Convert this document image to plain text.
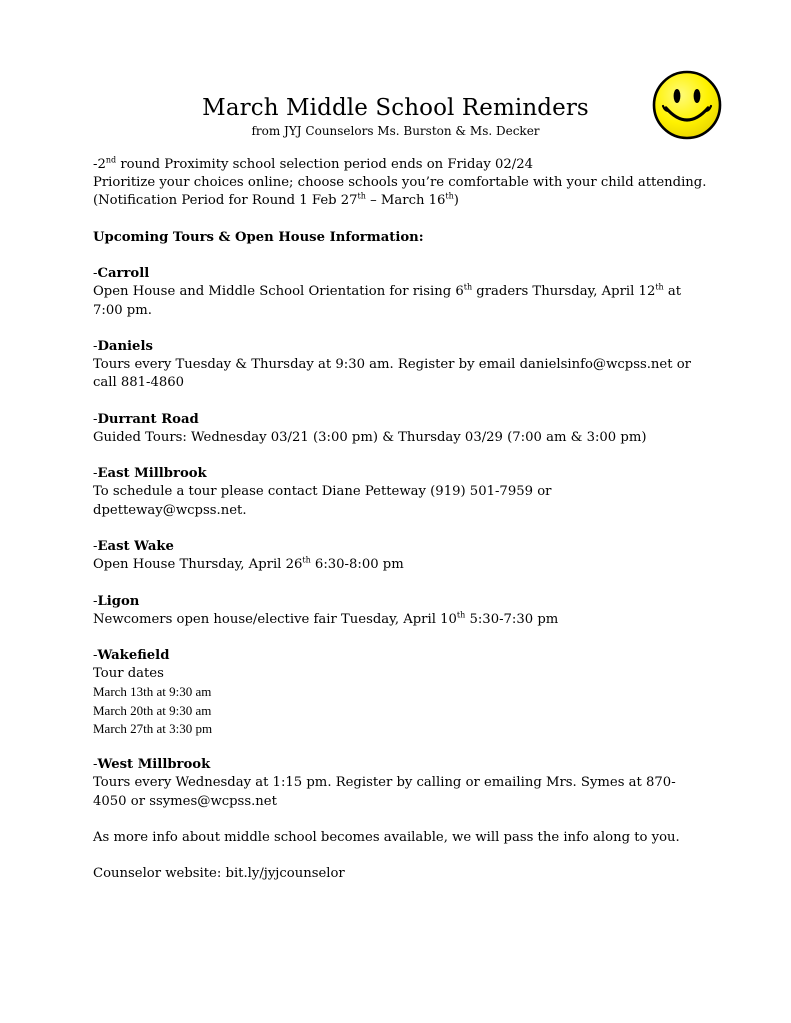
March Middle School Reminders
from JYJ Counselors Ms. Burston & Ms. Decker
-2nd round Proximity school selection period ends on Friday 02/24
Prioritize your choices online; choose schools you’re comfortable with your child attending.
(Notification Period for Round 1 Feb 27th – March 16th)
Upcoming Tours & Open House Information:
-Carroll
Open House and Middle School Orientation for rising 6th graders Thursday, April 12th at
7:00 pm.
-Daniels
Tours every Tuesday & Thursday at 9:30 am. Register by email danielsinfo@wcpss.net or
call 881-4860
-Durrant Road
Guided Tours: Wednesday 03/21 (3:00 pm) & Thursday 03/29 (7:00 am & 3:00 pm)
-East Millbrook
To schedule a tour please contact Diane Petteway (919) 501-7959 or
dpetteway@wcpss.net.
-East Wake
Open House Thursday, April 26th 6:30-8:00 pm
-Ligon
Newcomers open house/elective fair Tuesday, April 10th 5:30-7:30 pm
-Wakefield
Tour dates
March 13th at 9:30 am
March 20th at 9:30 am
March 27th at 3:30 pm
-West Millbrook
Tours every Wednesday at 1:15 pm. Register by calling or emailing Mrs. Symes at 870-
4050 or ssymes@wcpss.net
As more info about middle school becomes available, we will pass the info along to you.
Counselor website: bit.ly/jyjcounselor
